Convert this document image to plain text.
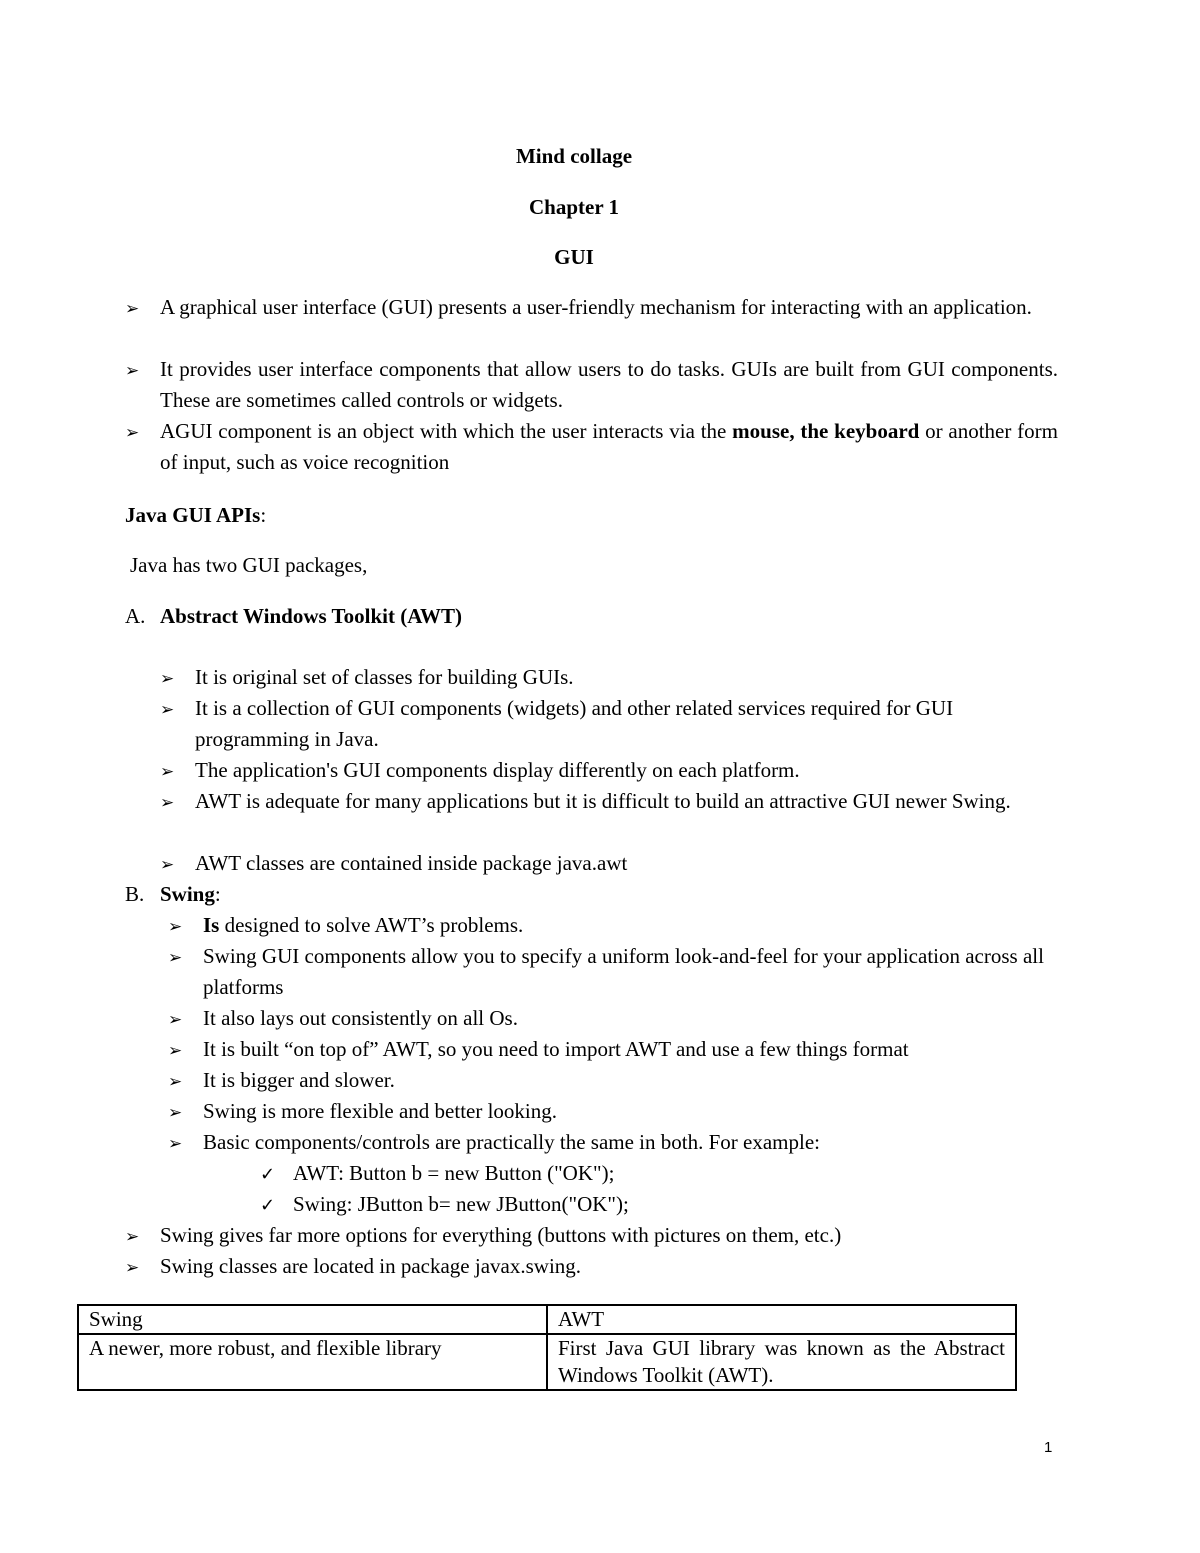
Mind collage
Chapter 1
GUI
➢ A graphical user interface (GUI) presents a user-friendly mechanism for interacting with an application.
➢ It provides user interface components that allow users to do tasks. GUIs are built from GUI components. These are sometimes called controls or widgets.
➢ AGUI component is an object with which the user interacts via the mouse, the keyboard or another form of input, such as voice recognition
Java GUI APIs:
Java has two GUI packages,
A. Abstract Windows Toolkit (AWT)
➢ It is original set of classes for building GUIs.
➢ It is a collection of GUI components (widgets) and other related services required for GUI programming in Java.
➢ The application's GUI components display differently on each platform.
➢ AWT is adequate for many applications but it is difficult to build an attractive GUI newer Swing.
➢ AWT classes are contained inside package java.awt
B. Swing:
➢ Is designed to solve AWT’s problems.
➢ Swing GUI components allow you to specify a uniform look-and-feel for your application across all platforms
➢ It also lays out consistently on all Os.
➢ It is built “on top of” AWT, so you need to import AWT and use a few things format
➢ It is bigger and slower.
➢ Swing is more flexible and better looking.
➢ Basic components/controls are practically the same in both. For example:
✓ AWT: Button b = new Button ("OK");
✓ Swing: JButton b= new JButton("OK");
➢ Swing gives far more options for everything (buttons with pictures on them, etc.)
➢ Swing classes are located in package javax.swing.
Swing	AWT
A newer, more robust, and flexible library	First Java GUI library was known as the Abstract Windows Toolkit (AWT).
1
